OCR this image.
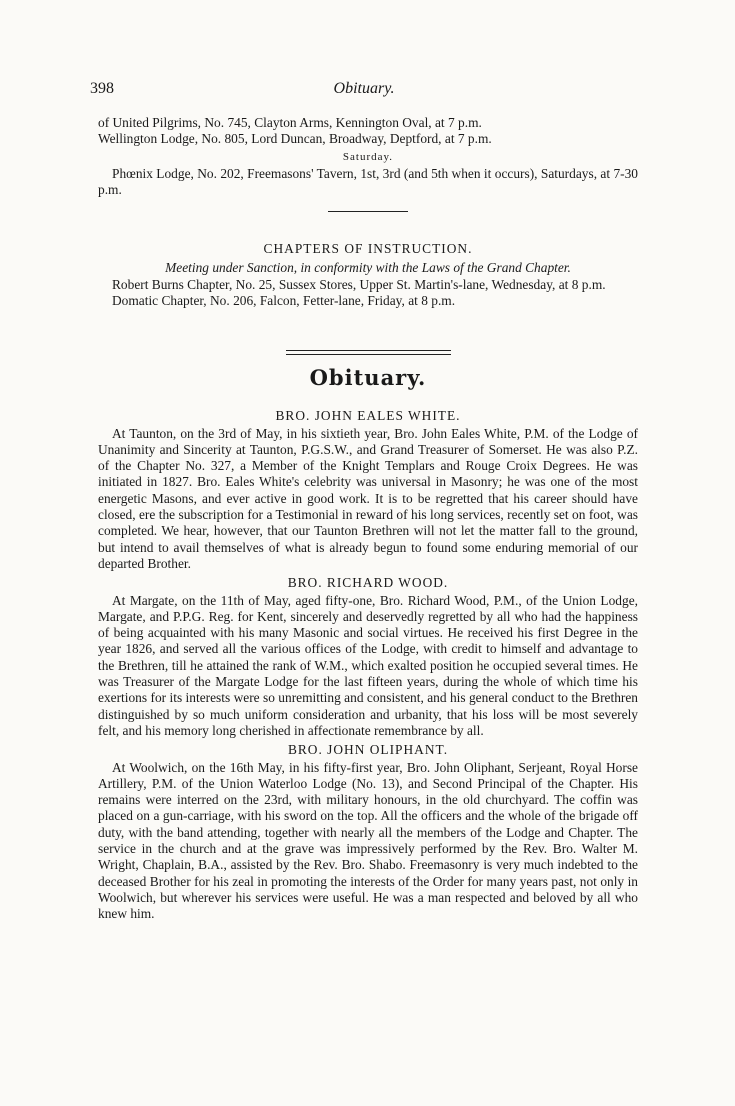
398	Obituary.

of United Pilgrims, No. 745, Clayton Arms, Kennington Oval, at 7 p.m.

Wellington Lodge, No. 805, Lord Duncan, Broadway, Deptford, at 7 p.m.

Saturday.

Phœnix Lodge, No. 202, Freemasons' Tavern, 1st, 3rd (and 5th when it occurs), Saturdays, at 7-30 p.m.

CHAPTERS OF INSTRUCTION.

Meeting under Sanction, in conformity with the Laws of the Grand Chapter.

Robert Burns Chapter, No. 25, Sussex Stores, Upper St. Martin's-lane, Wednesday, at 8 p.m.

Domatic Chapter, No. 206, Falcon, Fetter-lane, Friday, at 8 p.m.

Obituary.

BRO. JOHN EALES WHITE.

At Taunton, on the 3rd of May, in his sixtieth year, Bro. John Eales White, P.M. of the Lodge of Unanimity and Sincerity at Taunton, P.G.S.W., and Grand Treasurer of Somerset. He was also P.Z. of the Chapter No. 327, a Member of the Knight Templars and Rouge Croix Degrees. He was initiated in 1827. Bro. Eales White's celebrity was universal in Masonry; he was one of the most energetic Masons, and ever active in good work. It is to be regretted that his career should have closed, ere the subscription for a Testimonial in reward of his long services, recently set on foot, was completed. We hear, however, that our Taunton Brethren will not let the matter fall to the ground, but intend to avail themselves of what is already begun to found some enduring memorial of our departed Brother.

BRO. RICHARD WOOD.

At Margate, on the 11th of May, aged fifty-one, Bro. Richard Wood, P.M., of the Union Lodge, Margate, and P.P.G. Reg. for Kent, sincerely and deservedly regretted by all who had the happiness of being acquainted with his many Masonic and social virtues. He received his first Degree in the year 1826, and served all the various offices of the Lodge, with credit to himself and advantage to the Brethren, till he attained the rank of W.M., which exalted position he occupied several times. He was Treasurer of the Margate Lodge for the last fifteen years, during the whole of which time his exertions for its interests were so unremitting and consistent, and his general conduct to the Brethren distinguished by so much uniform consideration and urbanity, that his loss will be most severely felt, and his memory long cherished in affectionate remembrance by all.

BRO. JOHN OLIPHANT.

At Woolwich, on the 16th May, in his fifty-first year, Bro. John Oliphant, Serjeant, Royal Horse Artillery, P.M. of the Union Waterloo Lodge (No. 13), and Second Principal of the Chapter. His remains were interred on the 23rd, with military honours, in the old churchyard. The coffin was placed on a gun-carriage, with his sword on the top. All the officers and the whole of the brigade off duty, with the band attending, together with nearly all the members of the Lodge and Chapter. The service in the church and at the grave was impressively performed by the Rev. Bro. Walter M. Wright, Chaplain, B.A., assisted by the Rev. Bro. Shabo. Freemasonry is very much indebted to the deceased Brother for his zeal in promoting the interests of the Order for many years past, not only in Woolwich, but wherever his services were useful. He was a man respected and beloved by all who knew him.
